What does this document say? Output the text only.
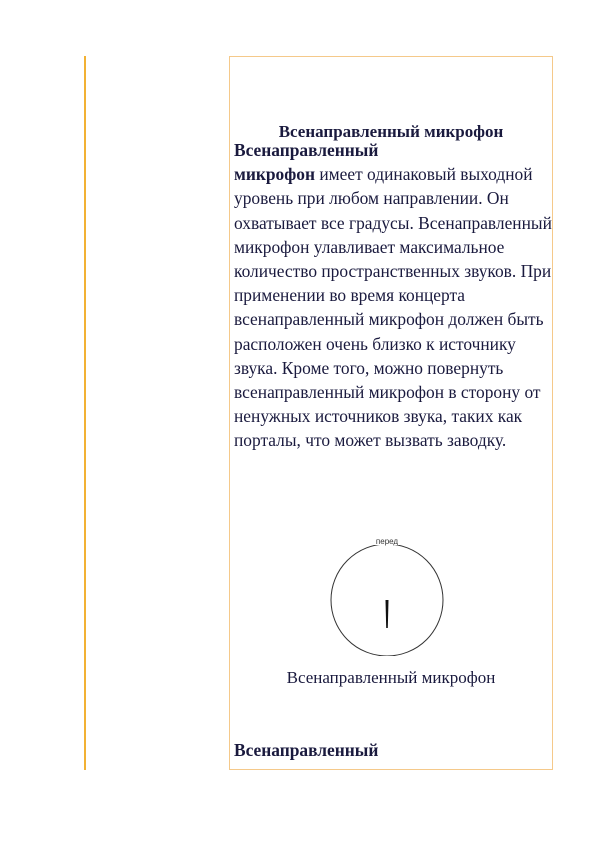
Всенаправленный микрофон

Всенаправленный
микрофон имеет одинаковый выходной уровень при любом направлении. Он охватывает все градусы. Всенаправленный микрофон улавливает максимальное количество пространственных звуков. При применении во время концерта всенаправленный микрофон должен быть расположен очень близко к источнику звука. Кроме того, можно повернуть всенаправленный микрофон в сторону от ненужных источников звука, таких как порталы, что может вызвать заводку.

перед

Всенаправленный микрофон

Всенаправленный
